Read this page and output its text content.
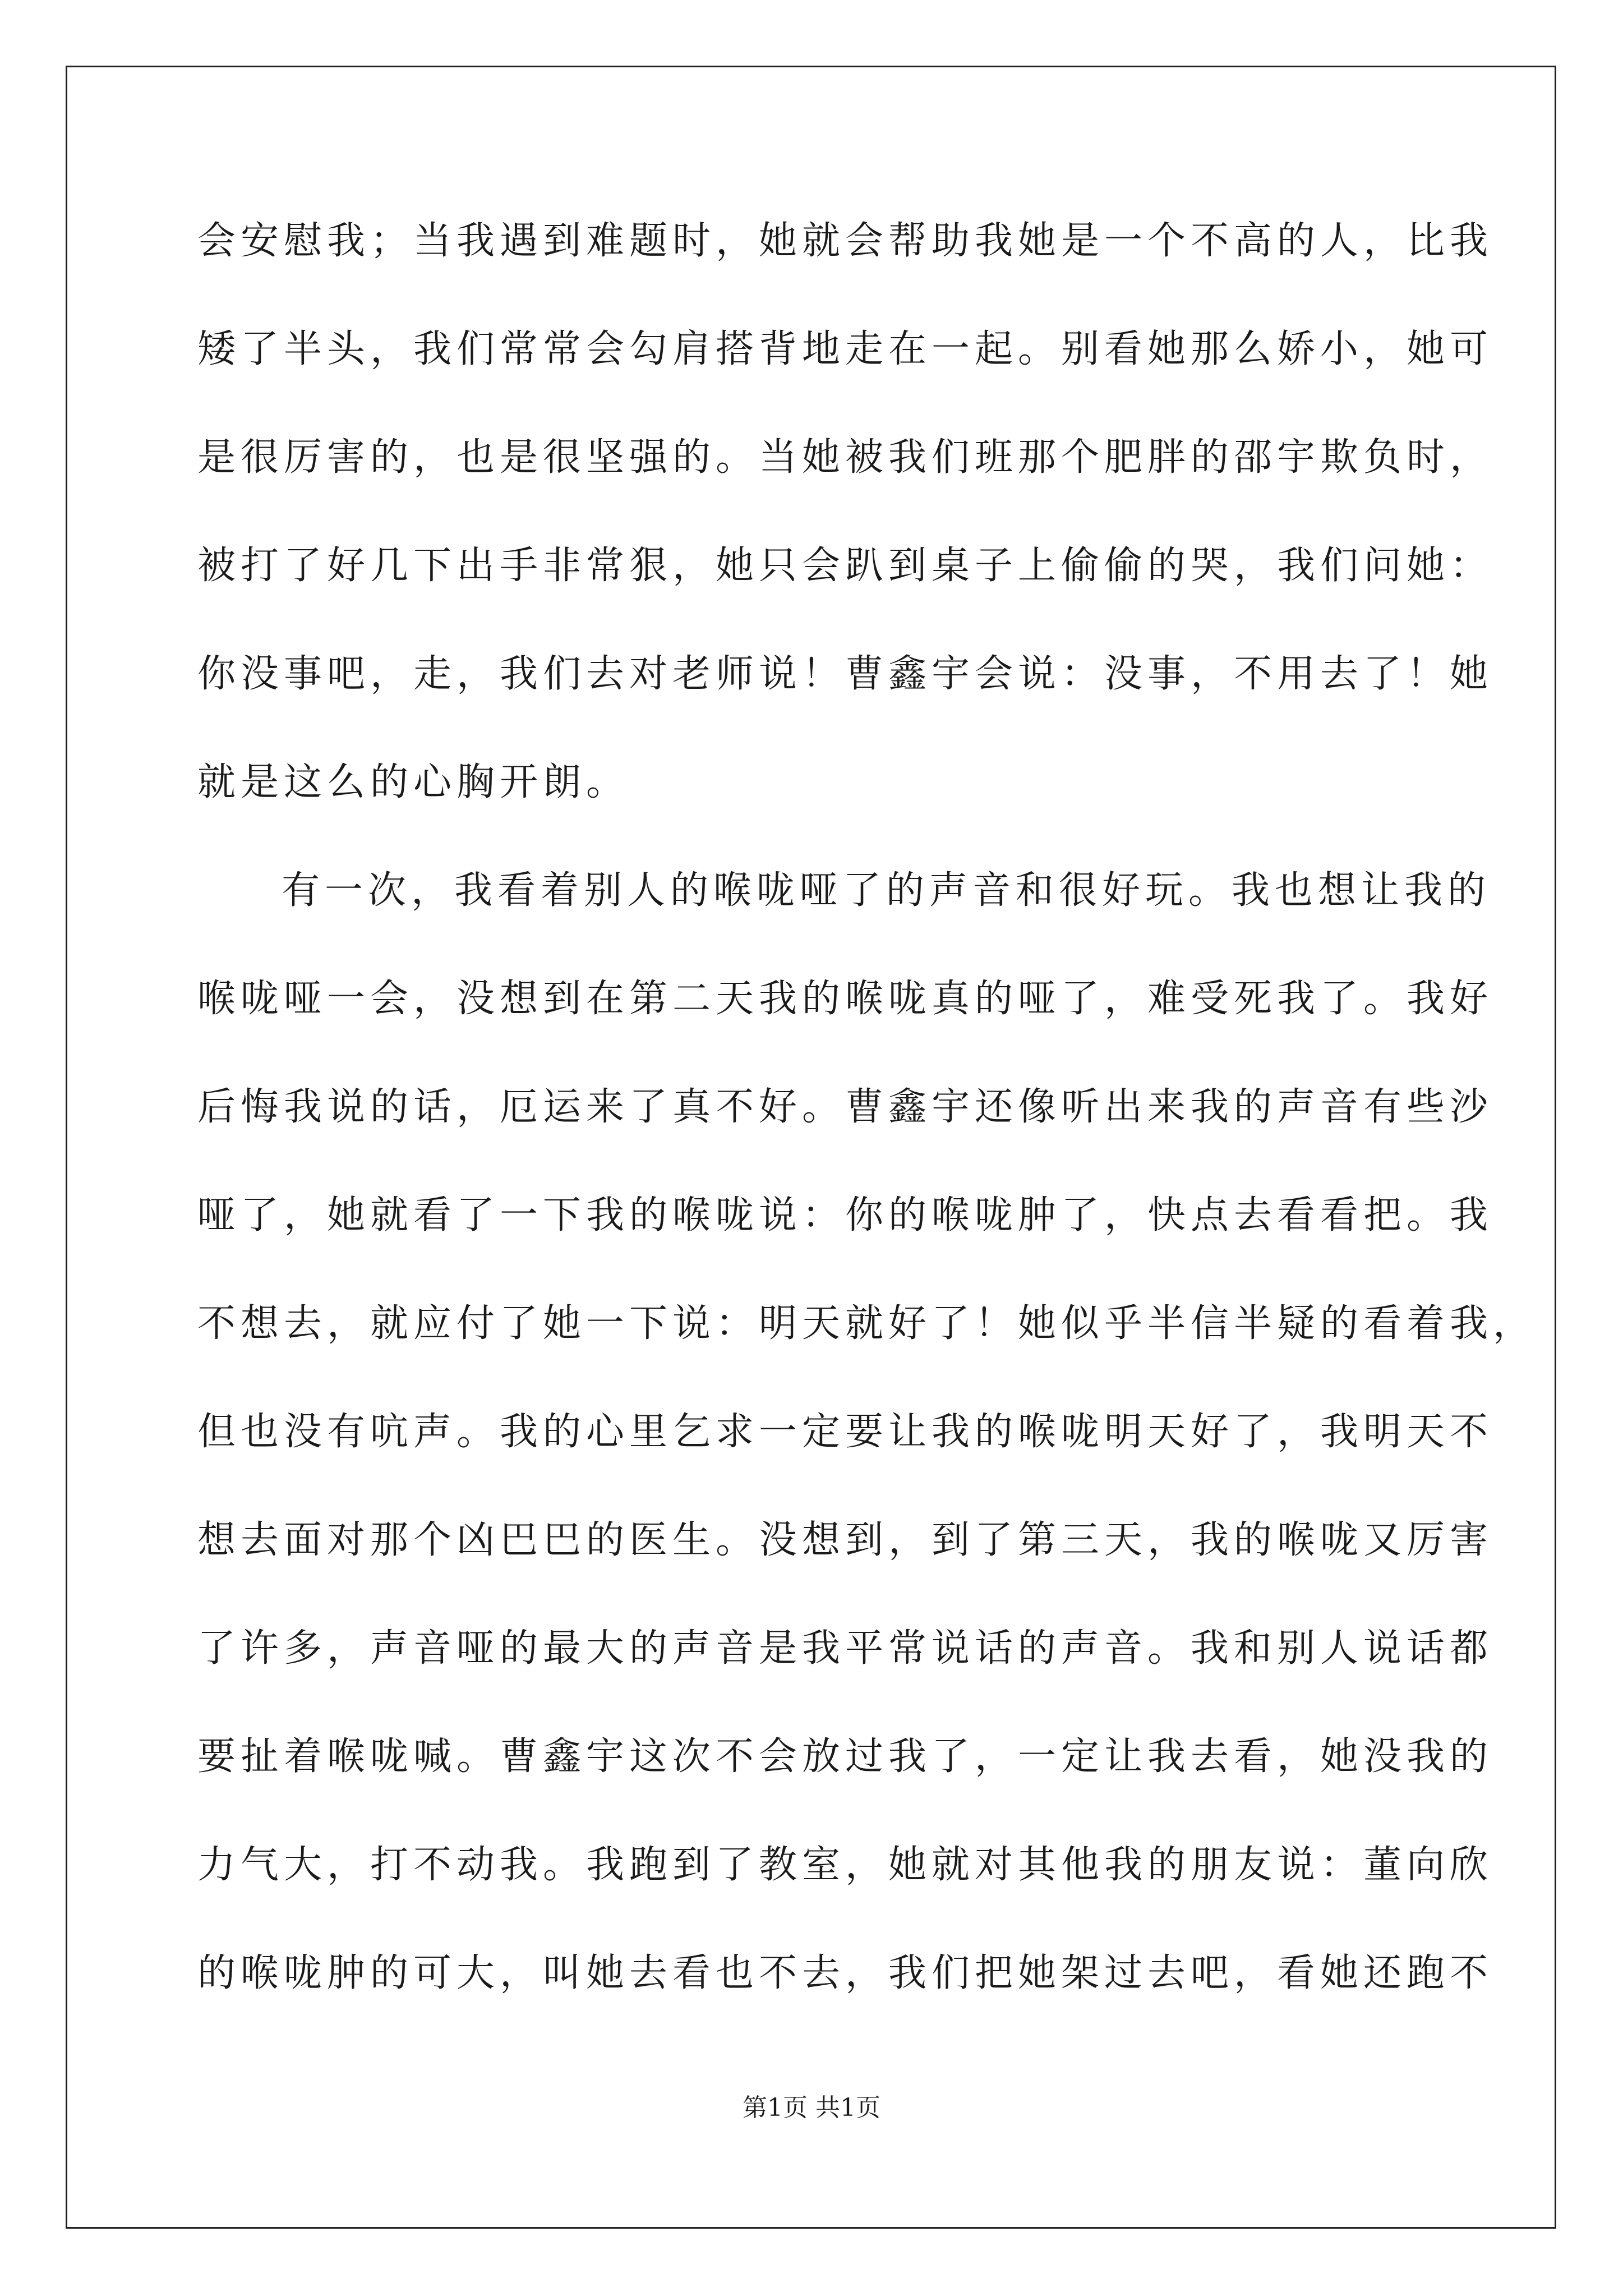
会安慰我；当我遇到难题时，她就会帮助我她是一个不高的人，比我
矮了半头，我们常常会勾肩搭背地走在一起。别看她那么娇小，她可
是很厉害的，也是很坚强的。当她被我们班那个肥胖的邵宇欺负时，
被打了好几下出手非常狠，她只会趴到桌子上偷偷的哭，我们问她：
你没事吧，走，我们去对老师说！曹鑫宇会说：没事，不用去了！她
就是这么的心胸开朗。
有一次，我看着别人的喉咙哑了的声音和很好玩。我也想让我的
喉咙哑一会，没想到在第二天我的喉咙真的哑了，难受死我了。我好
后悔我说的话，厄运来了真不好。曹鑫宇还像听出来我的声音有些沙
哑了，她就看了一下我的喉咙说：你的喉咙肿了，快点去看看把。我
不想去，就应付了她一下说：明天就好了！她似乎半信半疑的看着我，
但也没有吭声。我的心里乞求一定要让我的喉咙明天好了，我明天不
想去面对那个凶巴巴的医生。没想到，到了第三天，我的喉咙又厉害
了许多，声音哑的最大的声音是我平常说话的声音。我和别人说话都
要扯着喉咙喊。曹鑫宇这次不会放过我了，一定让我去看，她没我的
力气大，打不动我。我跑到了教室，她就对其他我的朋友说：董向欣
的喉咙肿的可大，叫她去看也不去，我们把她架过去吧，看她还跑不
第1页 共1页
